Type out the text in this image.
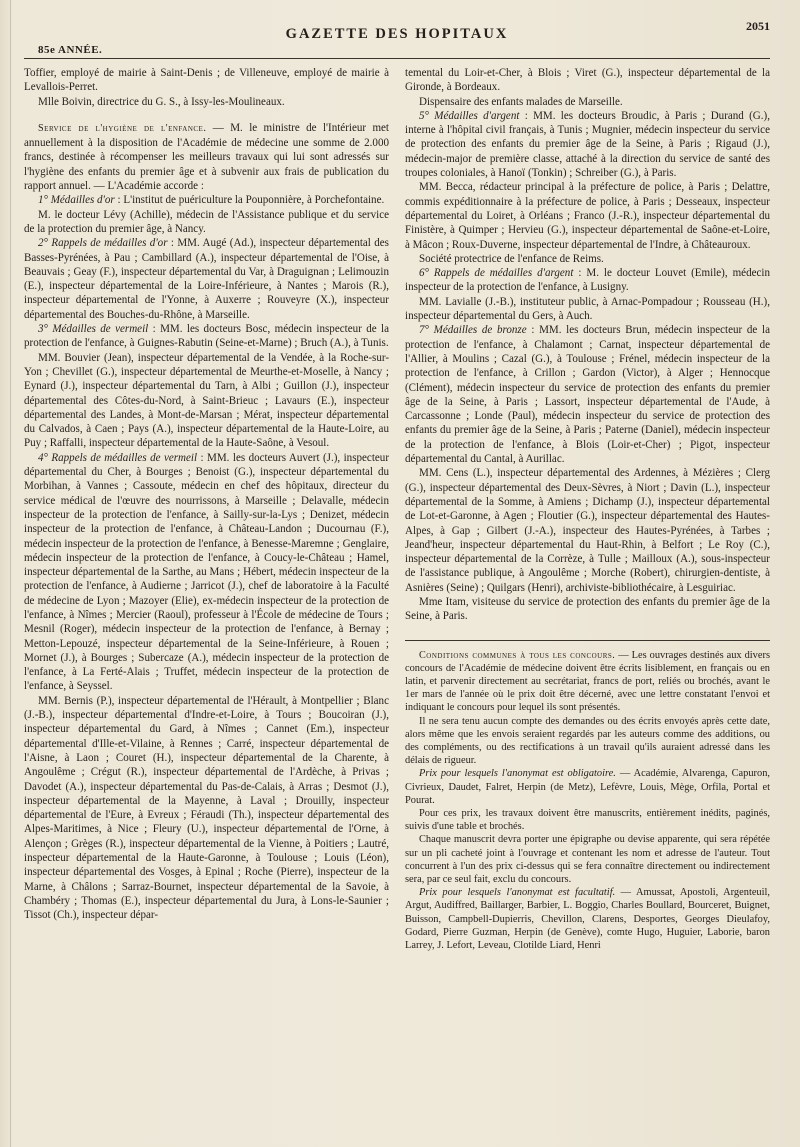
85e ANNÉE.
GAZETTE DES HOPITAUX	2051

Toffier, employé de mairie à Saint-Denis ; de Villeneuve, employé de mairie à Levallois-Perret.

Mlle Boivin, directrice du G. S., à Issy-les-Moulineaux.

Service de l'hygiène de l'enfance. — M. le ministre de l'Intérieur met annuellement à la disposition de l'Académie de médecine une somme de 2.000 francs, destinée à récompenser les meilleurs travaux qui lui sont adressés sur l'hygiène des enfants du premier âge et à subvenir aux frais de publication du rapport annuel. — L'Académie accorde :

1° Médailles d'or : L'institut de puériculture la Pouponnière, à Porchefontaine.

M. le docteur Lévy (Achille), médecin de l'Assistance publique et du service de la protection du premier âge, à Nancy.

2° Rappels de médailles d'or : MM. Augé (Ad.), inspecteur départemental des Basses-Pyrénées, à Pau ; Cambillard (A.), inspecteur départemental de l'Oise, à Beauvais ; Geay (F.), inspecteur départemental du Var, à Draguignan ; Lelimouzin (E.), inspecteur départemental de la Loire-Inférieure, à Nantes ; Marois (R.), inspecteur départemental de l'Yonne, à Auxerre ; Rouveyre (X.), inspecteur départemental des Bouches-du-Rhône, à Marseille.

3° Médailles de vermeil : MM. les docteurs Bosc, médecin inspecteur de la protection de l'enfance, à Guignes-Rabutin (Seine-et-Marne) ; Bruch (A.), à Tunis.

MM. Bouvier (Jean), inspecteur départemental de la Vendée, à la Roche-sur-Yon ; Chevillet (G.), inspecteur départemental de Meurthe-et-Moselle, à Nancy ; Eynard (J.), inspecteur départemental du Tarn, à Albi ; Guillon (J.), inspecteur départemental des Côtes-du-Nord, à Saint-Brieuc ; Lavaurs (E.), inspecteur départemental des Landes, à Mont-de-Marsan ; Mérat, inspecteur départemental du Calvados, à Caen ; Pays (A.), inspecteur départemental de la Haute-Loire, au Puy ; Raffalli, inspecteur départemental de la Haute-Saône, à Vesoul.

4° Rappels de médailles de vermeil : MM. les docteurs Auvert (J.), inspecteur départemental du Cher, à Bourges ; Benoist (G.), inspecteur départemental du Morbihan, à Vannes ; Cassoute, médecin en chef des hôpitaux, directeur du service médical de l'œuvre des nourrissons, à Marseille ; Delavalle, médecin inspecteur de la protection de l'enfance, à Sailly-sur-la-Lys ; Denizet, médecin inspecteur de la protection de l'enfance, à Château-Landon ; Ducournau (F.), médecin inspecteur de la protection de l'enfance, à Benesse-Maremne ; Genglaire, médecin inspecteur de la protection de l'enfance, à Coucy-le-Château ; Hamel, inspecteur départemental de la Sarthe, au Mans ; Hébert, médecin inspecteur de la protection de l'enfance, à Audierne ; Jarricot (J.), chef de laboratoire à la Faculté de médecine de Lyon ; Mazoyer (Elie), ex-médecin inspecteur de la protection de l'enfance, à Nîmes ; Mercier (Raoul), professeur à l'École de médecine de Tours ; Mesnil (Roger), médecin inspecteur de la protection de l'enfance, à Bernay ; Metton-Lepouzé, inspecteur départemental de la Seine-Inférieure, à Rouen ; Mornet (J.), à Bourges ; Subercaze (A.), médecin inspecteur de la protection de l'enfance, à La Ferté-Alais ; Truffet, médecin inspecteur de la protection de l'enfance, à Seyssel.

MM. Bernis (P.), inspecteur départemental de l'Hérault, à Montpellier ; Blanc (J.-B.), inspecteur départemental d'Indre-et-Loire, à Tours ; Boucoiran (J.), inspecteur départemental du Gard, à Nîmes ; Cannet (Em.), inspecteur départemental d'Ille-et-Vilaine, à Rennes ; Carré, inspecteur départemental de l'Aisne, à Laon ; Couret (H.), inspecteur départemental de la Charente, à Angoulême ; Crégut (R.), inspecteur départemental de l'Ardèche, à Privas ; Davodet (A.), inspecteur départemental du Pas-de-Calais, à Arras ; Desmot (J.), inspecteur départemental de la Mayenne, à Laval ; Drouilly, inspecteur départemental de l'Eure, à Evreux ; Féraudi (Th.), inspecteur départemental des Alpes-Maritimes, à Nice ; Fleury (U.), inspecteur départemental de l'Orne, à Alençon ; Grèges (R.), inspecteur départemental de la Vienne, à Poitiers ; Lautré, inspecteur départemental de la Haute-Garonne, à Toulouse ; Louis (Léon), inspecteur départemental des Vosges, à Epinal ; Roche (Pierre), inspecteur de la Marne, à Châlons ; Sarraz-Bournet, inspecteur départemental de la Savoie, à Chambéry ; Thomas (E.), inspecteur départemental du Jura, à Lons-le-Saunier ; Tissot (Ch.), inspecteur dépar-

temental du Loir-et-Cher, à Blois ; Viret (G.), inspecteur départemental de la Gironde, à Bordeaux.

Dispensaire des enfants malades de Marseille.

5° Médailles d'argent : MM. les docteurs Broudic, à Paris ; Durand (G.), interne à l'hôpital civil français, à Tunis ; Mugnier, médecin inspecteur du service de protection des enfants du premier âge de la Seine, à Paris ; Rigaud (J.), médecin-major de première classe, attaché à la direction du service de santé des troupes coloniales, à Hanoï (Tonkin) ; Schreiber (G.), à Paris.

MM. Becca, rédacteur principal à la préfecture de police, à Paris ; Delattre, commis expéditionnaire à la préfecture de police, à Paris ; Desseaux, inspecteur départemental du Loiret, à Orléans ; Franco (J.-R.), inspecteur départemental du Finistère, à Quimper ; Hervieu (G.), inspecteur départemental de Saône-et-Loire, à Mâcon ; Roux-Duverne, inspecteur départemental de l'Indre, à Châteauroux.

Société protectrice de l'enfance de Reims.

6° Rappels de médailles d'argent : M. le docteur Louvet (Emile), médecin inspecteur de la protection de l'enfance, à Lusigny.

MM. Lavialle (J.-B.), instituteur public, à Arnac-Pompadour ; Rousseau (H.), inspecteur départemental du Gers, à Auch.

7° Médailles de bronze : MM. les docteurs Brun, médecin inspecteur de la protection de l'enfance, à Chalamont ; Carnat, inspecteur départemental de l'Allier, à Moulins ; Cazal (G.), à Toulouse ; Frénel, médecin inspecteur de la protection de l'enfance, à Crillon ; Gardon (Victor), à Alger ; Hennocque (Clément), médecin inspecteur du service de protection des enfants du premier âge de la Seine, à Paris ; Lassort, inspecteur départemental de l'Aude, à Carcassonne ; Londe (Paul), médecin inspecteur du service de protection des enfants du premier âge de la Seine, à Paris ; Paterne (Daniel), médecin inspecteur de la protection de l'enfance, à Blois (Loir-et-Cher) ; Pigot, inspecteur départemental du Cantal, à Aurillac.

MM. Cens (L.), inspecteur départemental des Ardennes, à Mézières ; Clerg (G.), inspecteur départemental des Deux-Sèvres, à Niort ; Davin (L.), inspecteur départemental de la Somme, à Amiens ; Dichamp (J.), inspecteur départemental de Lot-et-Garonne, à Agen ; Floutier (G.), inspecteur départemental des Hautes-Alpes, à Gap ; Gilbert (J.-A.), inspecteur des Hautes-Pyrénées, à Tarbes ; Jeand'heur, inspecteur départemental du Haut-Rhin, à Belfort ; Le Roy (C.), inspecteur départemental de la Corrèze, à Tulle ; Mailloux (A.), sous-inspecteur de l'assistance publique, à Angoulême ; Morche (Robert), chirurgien-dentiste, à Asnières (Seine) ; Quilgars (Henri), archiviste-bibliothécaire, à Lesguiriac.

Mme Itam, visiteuse du service de protection des enfants du premier âge de la Seine, à Paris.

Conditions communes à tous les concours. — Les ouvrages destinés aux divers concours de l'Académie de médecine doivent être écrits lisiblement, en français ou en latin, et parvenir directement au secrétariat, francs de port, reliés ou brochés, avant le 1er mars de l'année où le prix doit être décerné, avec une lettre constatant l'envoi et indiquant le concours pour lequel ils sont présentés.

Il ne sera tenu aucun compte des demandes ou des écrits envoyés après cette date, alors même que les envois seraient regardés par les auteurs comme des additions, ou des compléments, ou des rectifications à un travail qu'ils auraient adressé dans les délais de rigueur.

Prix pour lesquels l'anonymat est obligatoire. — Académie, Alvarenga, Capuron, Civrieux, Daudet, Falret, Herpin (de Metz), Lefèvre, Louis, Mège, Orfila, Portal et Pourat.

Pour ces prix, les travaux doivent être manuscrits, entièrement inédits, paginés, suivis d'une table et brochés.

Chaque manuscrit devra porter une épigraphe ou devise apparente, qui sera répétée sur un pli cacheté joint à l'ouvrage et contenant les nom et adresse de l'auteur. Tout concurrent à l'un des prix ci-dessus qui se fera connaître directement ou indirectement sera, par ce seul fait, exclu du concours.

Prix pour lesquels l'anonymat est facultatif. — Amussat, Apostoli, Argenteuil, Argut, Audiffred, Baillarger, Barbier, L. Boggio, Charles Boullard, Bourceret, Buignet, Buisson, Campbell-Dupierris, Chevillon, Clarens, Desportes, Georges Dieulafoy, Godard, Pierre Guzman, Herpin (de Genève), comte Hugo, Huguier, Laborie, baron Larrey, J. Lefort, Leveau, Clotilde Liard, Henri
